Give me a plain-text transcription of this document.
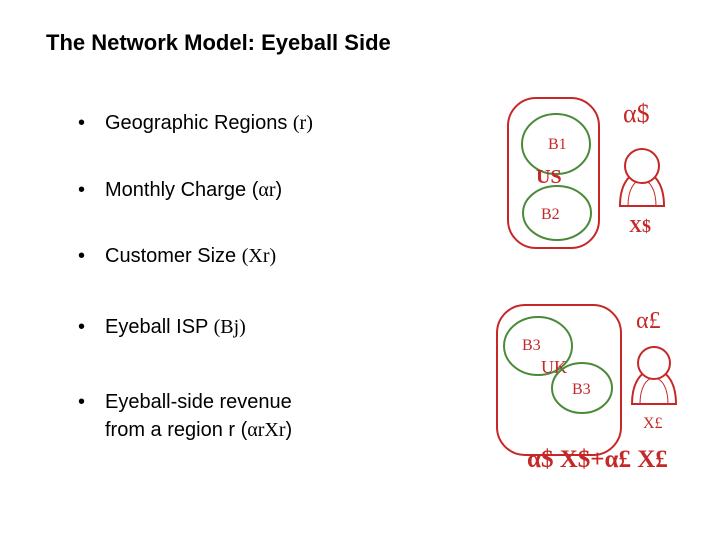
The Network Model: Eyeball Side
• Geographic Regions (r)
• Monthly Charge (αr)
• Customer Size (Xr)
• Eyeball ISP (Bj)
• Eyeball-side revenue
from a region r (αrXr)
B1
US
B2
α$
X$
B3
UK
B3
α£
X£
α$ X$+α£ X£
